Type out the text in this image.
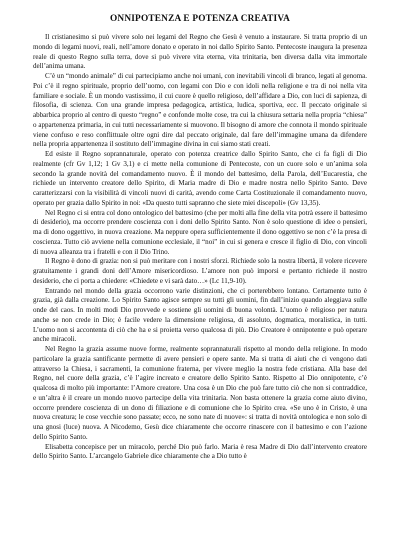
ONNIPOTENZA E POTENZA CREATIVA

Il cristianesimo si può vivere solo nei legami del Regno che Gesù è venuto a instaurare. Si tratta proprio di un mondo di legami nuovi, reali, nell’amore donato e operato in noi dallo Spirito Santo. Pentecoste inaugura la presenza reale di questo Regno sulla terra, dove si può vivere vita eterna, vita trinitaria, ben diversa dalla vita immortale dell’anima umana.

C’è un “mondo animale” di cui partecipiamo anche noi umani, con inevitabili vincoli di branco, legati al genoma. Poi c’è il regno spirituale, proprio dell’uomo, con legami con Dio e con idoli nella religione e tra di noi nella vita familiare e sociale. È un mondo vastissimo, il cui cuore è quello religioso, dell’affidare a Dio, con luci di sapienza, di filosofia, di scienza. Con una grande impresa pedagogica, artistica, ludica, sportiva, ecc. Il peccato originale si abbarbica proprio al centro di questo “regno” e confonde molte cose, tra cui la chiusura settaria nella propria “chiesa” o appartenenza primaria, in cui tutti necessariamente si muovono. Il bisogno di amore che connota il mondo spirituale viene confuso e reso conflittuale oltre ogni dire dal peccato originale, dal fare dell’immagine umana da difendere nella propria appartenenza il sostituto dell’immagine divina in cui siamo stati creati.

Ed esiste il Regno soprannaturale, operato con potenza creatrice dallo Spirito Santo, che ci fa figli di Dio realmente (cfr Gv 1,12; 1 Gv 3,1) e ci mette nella comunione di Pentecoste, con un cuore solo e un’anima sola secondo la grande novità del comandamento nuovo. È il mondo del battesimo, della Parola, dell’Eucarestia, che richiede un intervento creatore dello Spirito, di Maria madre di Dio e madre nostra nello Spirito Santo. Deve caratterizzarsi con la visibilità di vincoli nuovi di carità, avendo come Carta Costituzionale il comandamento nuovo, operato per grazia dallo Spirito in noi: «Da questo tutti sapranno che siete miei discepoli» (Gv 13,35).

Nel Regno ci si entra col dono ontologico del battesimo (che per molti alla fine della vita potrà essere il battesimo di desiderio), ma occorre prendere coscienza con i doni dello Spirito Santo. Non è solo questione di idee o pensieri, ma di dono oggettivo, in nuova creazione. Ma neppure opera sufficientemente il dono oggettivo se non c’è la presa di coscienza. Tutto ciò avviene nella comunione ecclesiale, il “noi” in cui si genera e cresce il figlio di Dio, con vincoli di nuova alleanza tra i fratelli e con il Dio Trino.

Il Regno è dono di grazia: non si può meritare con i nostri sforzi. Richiede solo la nostra libertà, il volere ricevere gratuitamente i grandi doni dell’Amore misericordioso. L’amore non può imporsi e pertanto richiede il nostro desiderio, che ci porta a chiedere: «Chiedete e vi sarà dato…» (Lc 11,9-10).

Entrando nel mondo della grazia occorrono varie distinzioni, che ci porterebbero lontano. Certamente tutto è grazia, già dalla creazione. Lo Spirito Santo agisce sempre su tutti gli uomini, fin dall’inizio quando aleggiava sulle onde del caos. In molti modi Dio provvede e sostiene gli uomini di buona volontà. L’uomo è religioso per natura anche se non crede in Dio; è facile vedere la dimensione religiosa, di assoluto, dogmatica, moralistica, in tutti. L’uomo non si accontenta di ciò che ha e si proietta verso qualcosa di più. Dio Creatore è onnipotente e può operare anche miracoli.

Nel Regno la grazia assume nuove forme, realmente soprannaturali rispetto al mondo della religione. In modo particolare la grazia santificante permette di avere pensieri e opere sante. Ma si tratta di aiuti che ci vengono dati attraverso la Chiesa, i sacramenti, la comunione fraterna, per vivere meglio la nostra fede cristiana. Alla base del Regno, nel cuore della grazia, c’è l’agire increato e creatore dello Spirito Santo. Rispetto al Dio onnipotente, c’è qualcosa di molto più importante: l’Amore creatore. Una cosa è un Dio che può fare tutto ciò che non si contraddice, e un’altra è il creare un mondo nuovo partecipe della vita trinitaria. Non basta ottenere la grazia come aiuto divino, occorre prendere coscienza di un dono di filiazione e di comunione che lo Spirito crea. «Se uno è in Cristo, è una nuova creatura; le cose vecchie sono passate; ecco, ne sono nate di nuove»: si tratta di novità ontologica e non solo di una gnosi (luce) nuova. A Nicodemo, Gesù dice chiaramente che occorre rinascere con il battesimo e con l’azione dello Spirito Santo.

Elisabetta concepisce per un miracolo, perché Dio può farlo. Maria è resa Madre di Dio dall’intervento creatore dello Spirito Santo. L’arcangelo Gabriele dice chiaramente che a Dio tutto è
